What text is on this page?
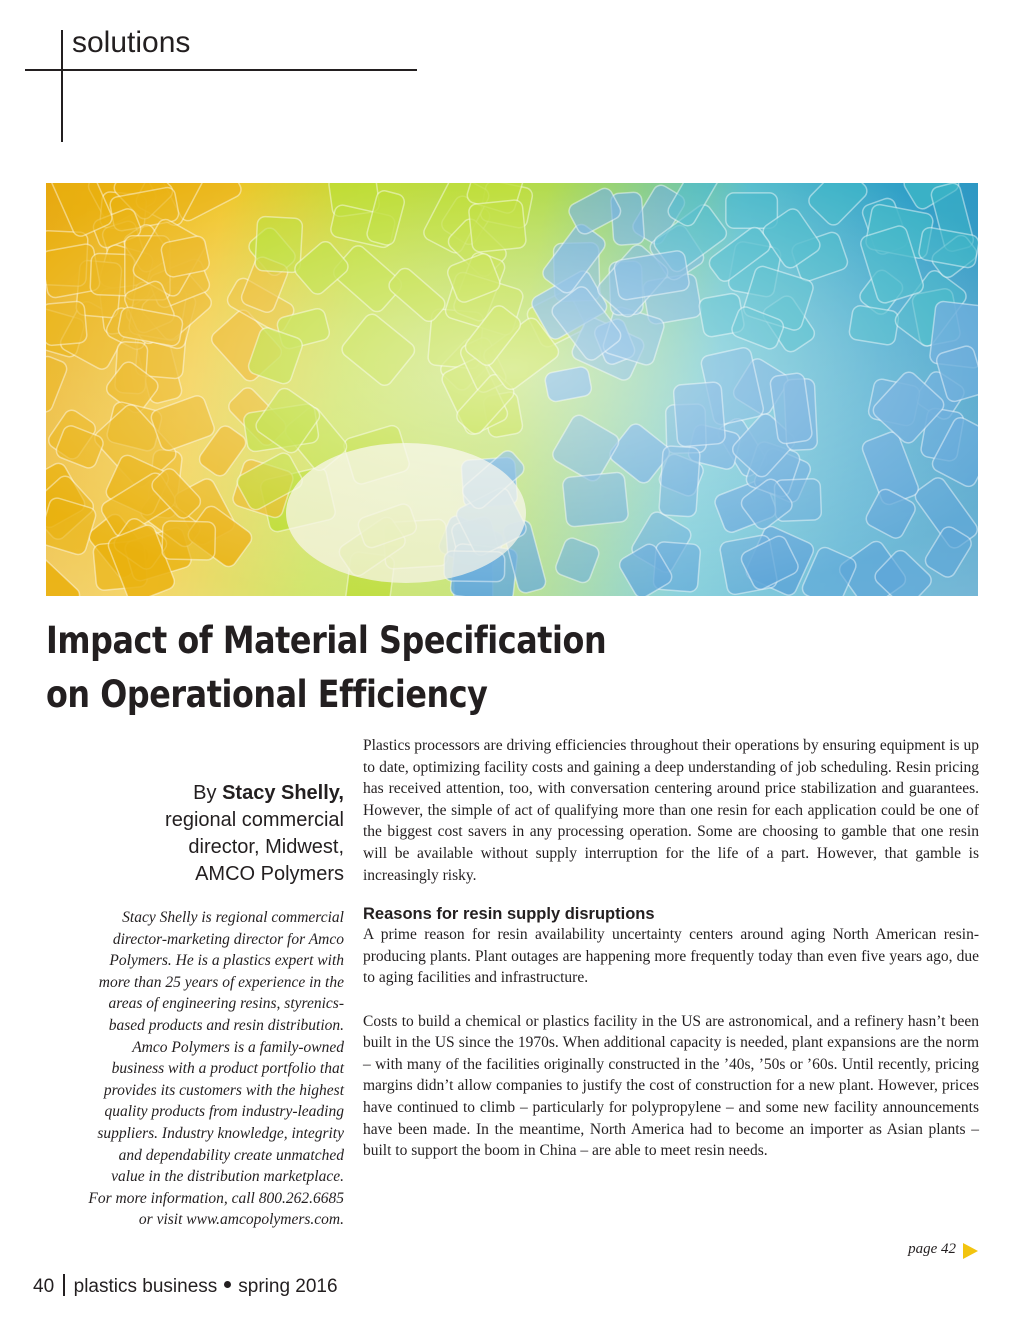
solutions
Impact of Material Specification
on Operational Efficiency
By Stacy Shelly,
regional commercial
director, Midwest,
AMCO Polymers
Stacy Shelly is regional commercial
director-marketing director for Amco
Polymers. He is a plastics expert with
more than 25 years of experience in the
areas of engineering resins, styrenics-
based products and resin distribution.
Amco Polymers is a family-owned
business with a product portfolio that
provides its customers with the highest
quality products from industry-leading
suppliers. Industry knowledge, integrity
and dependability create unmatched
value in the distribution marketplace.
For more information, call 800.262.6685
or visit www.amcopolymers.com.

Plastics processors are driving efficiencies throughout their operations by ensuring equipment is up to date, optimizing facility costs and gaining a deep understanding of job scheduling. Resin pricing has received attention, too, with conversation centering around price stabilization and guarantees. However, the simple of act of qualifying more than one resin for each application could be one of the biggest cost savers in any processing operation. Some are choosing to gamble that one resin will be available without supply interruption for the life of a part. However, that gamble is increasingly risky.

Reasons for resin supply disruptions

A prime reason for resin availability uncertainty centers around aging North American resin-producing plants. Plant outages are happening more frequently today than even five years ago, due to aging facilities and infrastructure.

Costs to build a chemical or plastics facility in the US are astronomical, and a refinery hasn’t been built in the US since the 1970s. When additional capacity is needed, plant expansions are the norm – with many of the facilities originally constructed in the ’40s, ’50s or ’60s. Until recently, pricing margins didn’t allow companies to justify the cost of construction for a new plant. However, prices have continued to climb – particularly for polypropylene – and some new facility announcements have been made. In the meantime, North America had to become an importer as Asian plants – built to support the boom in China – are able to meet resin needs.

page 42
40 plastics business spring 2016
